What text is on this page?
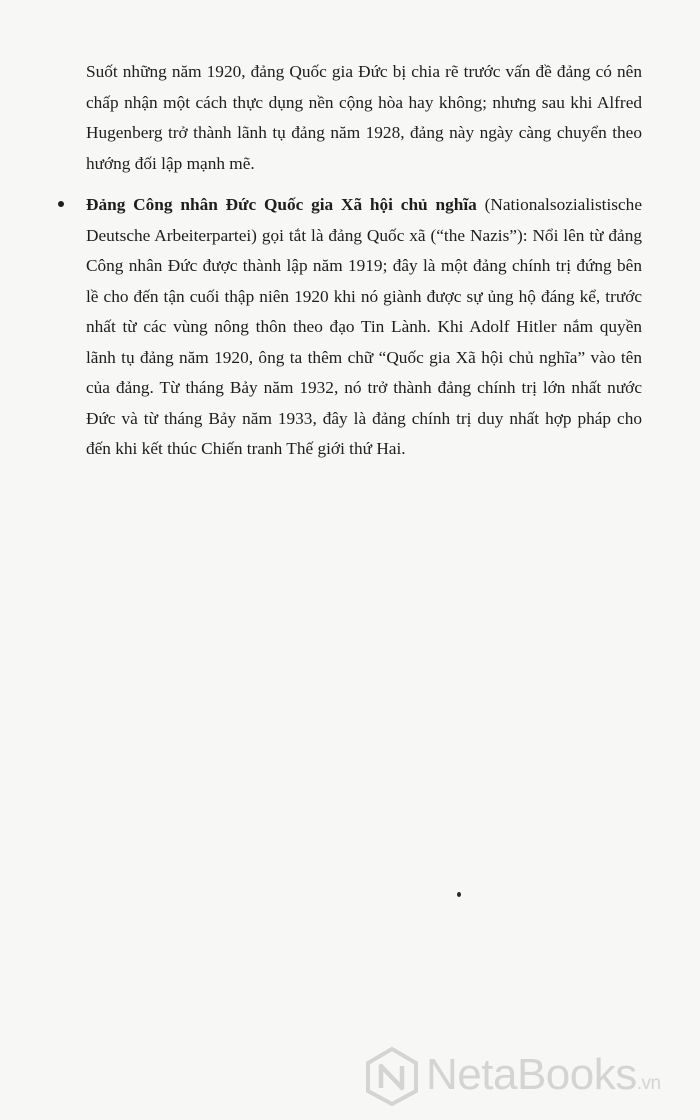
Suốt những năm 1920, đảng Quốc gia Đức bị chia rẽ trước vấn đề đảng có nên chấp nhận một cách thực dụng nền cộng hòa hay không; nhưng sau khi Alfred Hugenberg trở thành lãnh tụ đảng năm 1928, đảng này ngày càng chuyển theo hướng đối lập mạnh mẽ.

Đảng Công nhân Đức Quốc gia Xã hội chủ nghĩa (Nationalsozialistische Deutsche Arbeiterpartei) gọi tắt là đảng Quốc xã (“the Nazis”): Nổi lên từ đảng Công nhân Đức được thành lập năm 1919; đây là một đảng chính trị đứng bên lề cho đến tận cuối thập niên 1920 khi nó giành được sự ủng hộ đáng kể, trước nhất từ các vùng nông thôn theo đạo Tin Lành. Khi Adolf Hitler nắm quyền lãnh tụ đảng năm 1920, ông ta thêm chữ “Quốc gia Xã hội chủ nghĩa” vào tên của đảng. Từ tháng Bảy năm 1932, nó trở thành đảng chính trị lớn nhất nước Đức và từ tháng Bảy năm 1933, đây là đảng chính trị duy nhất hợp pháp cho đến khi kết thúc Chiến tranh Thế giới thứ Hai.

NetaBooks.vn
